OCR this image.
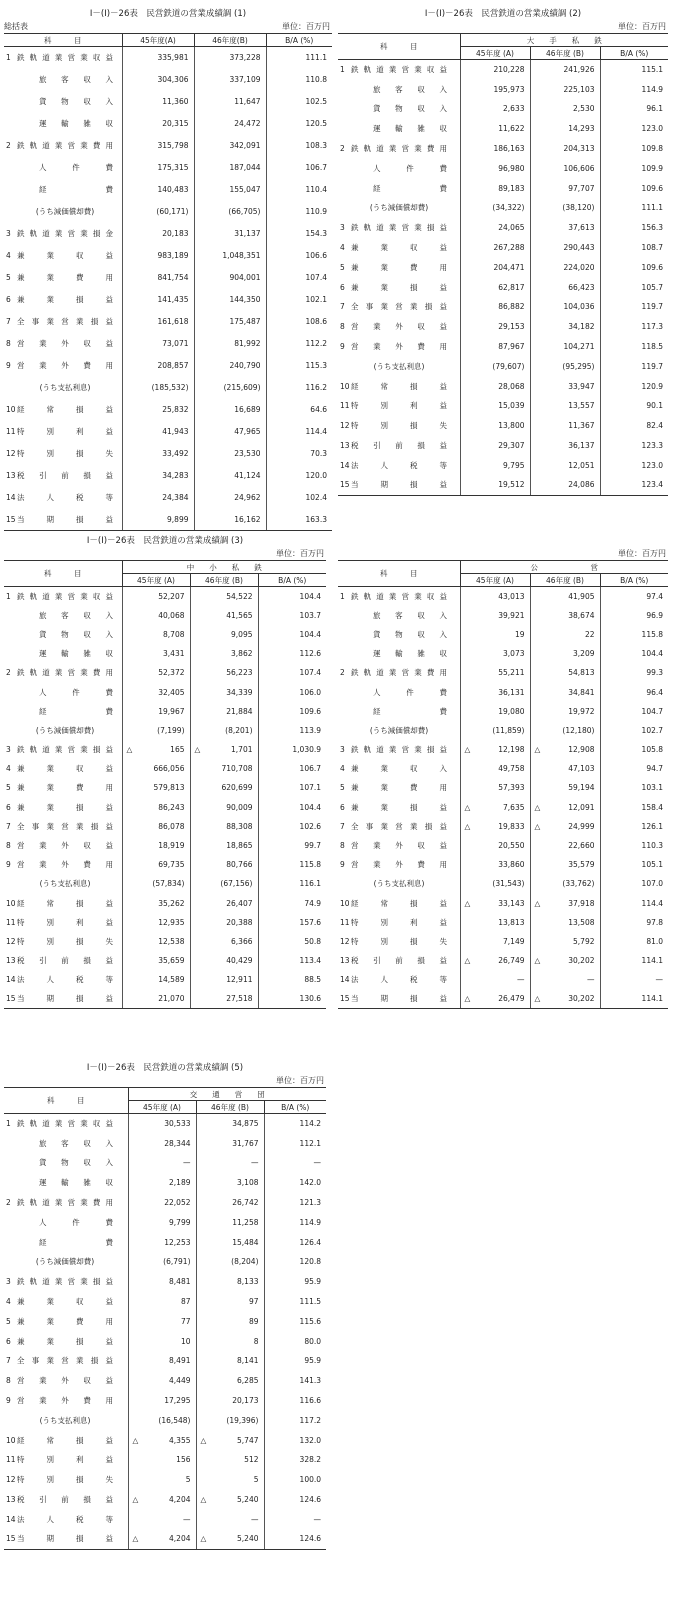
I－(I)－26表　民営鉄道の営業成績調 (1)
総括表	単位：百万円
科　　　目	45年度(A)	46年度(B)	B/A (%)
1 鉄軌道業営業収益	335,981	373,228	111.1
旅客収入	304,306	337,109	110.8
貨物収入	11,360	11,647	102.5
運輸雑収	20,315	24,472	120.5
2 鉄軌道業営業費用	315,798	342,091	108.3
人件費	175,315	187,044	106.7
経費	140,483	155,047	110.4
(うち減価償却費)	(60,171)	(66,705)	110.9
3 鉄軌道業営業損金	20,183	31,137	154.3
4 兼業収益	983,189	1,048,351	106.6
5 兼業費用	841,754	904,001	107.4
6 兼業損益	141,435	144,350	102.1
7 全事業営業損益	161,618	175,487	108.6
8 営業外収益	73,071	81,992	112.2
9 営業外費用	208,857	240,790	115.3
(うち支払利息)	(185,532)	(215,609)	116.2
10経常損益	25,832	16,689	64.6
11特別利益	41,943	47,965	114.4
12特別損失	33,492	23,530	70.3
13税引前損益	34,283	41,124	120.0
14法人税等	24,384	24,962	102.4
15当期損益	9,899	16,162	163.3
I－(I)－26表　民営鉄道の営業成績調 (2)
単位：百万円
科　　　目	大　　手　　私　　鉄		
	45年度 (A)	46年度 (B)	B/A (%)
1 鉄軌道業営業収益	210,228	241,926	115.1
旅客収入	195,973	225,103	114.9
貨物収入	2,633	2,530	96.1
運輸雑収	11,622	14,293	123.0
2 鉄軌道業営業費用	186,163	204,313	109.8
人件費	96,980	106,606	109.9
経費	89,183	97,707	109.6
(うち減価償却費)	(34,322)	(38,120)	111.1
3 鉄軌道業営業損益	24,065	37,613	156.3
4 兼業収益	267,288	290,443	108.7
5 兼業費用	204,471	224,020	109.6
6 兼業損益	62,817	66,423	105.7
7 全事業営業損益	86,882	104,036	119.7
8 営業外収益	29,153	34,182	117.3
9 営業外費用	87,967	104,271	118.5
(うち支払利息)	(79,607)	(95,295)	119.7
10経常損益	28,068	33,947	120.9
11特別利益	15,039	13,557	90.1
12特別損失	13,800	11,367	82.4
13税引前損益	29,307	36,137	123.3
14法人税等	9,795	12,051	123.0
15当期損益	19,512	24,086	123.4
I－(I)－26表　民営鉄道の営業成績調 (3)
単位：百万円
科　　　目	中　　小　　私　　鉄		
	45年度 (A)	46年度 (B)	B/A (%)
1 鉄軌道業営業収益	52,207	54,522	104.4
旅客収入	40,068	41,565	103.7
貨物収入	8,708	9,095	104.4
運輸雑収	3,431	3,862	112.6
2 鉄軌道業営業費用	52,372	56,223	107.4
人件費	32,405	34,339	106.0
経費	19,967	21,884	109.6
(うち減価償却費)	(7,199)	(8,201)	113.9
3 鉄軌道業営業損益	△ 165	△ 1,701	1,030.9
4 兼業収益	666,056	710,708	106.7
5 兼業費用	579,813	620,699	107.1
6 兼業損益	86,243	90,009	104.4
7 全事業営業損益	86,078	88,308	102.6
8 営業外収益	18,919	18,865	99.7
9 営業外費用	69,735	80,766	115.8
(うち支払利息)	(57,834)	(67,156)	116.1
10経常損益	35,262	26,407	74.9
11特別利益	12,935	20,388	157.6
12特別損失	12,538	6,366	50.8
13税引前損益	35,659	40,429	113.4
14法人税等	14,589	12,911	88.5
15当期損益	21,070	27,518	130.6
単位：百万円
科　　　目	公　　　　　　　営		
	45年度 (A)	46年度 (B)	B/A (%)
1 鉄軌道業営業収益	43,013	41,905	97.4
旅客収入	39,921	38,674	96.9
貨物収入	19	22	115.8
運輸雑収	3,073	3,209	104.4
2 鉄軌道業営業費用	55,211	54,813	99.3
人件費	36,131	34,841	96.4
経費	19,080	19,972	104.7
(うち減価償却費)	(11,859)	(12,180)	102.7
3 鉄軌道業営業損益	△ 12,198	△ 12,908	105.8
4 兼業収入	49,758	47,103	94.7
5 兼業費用	57,393	59,194	103.1
6 兼業損益	△ 7,635	△ 12,091	158.4
7 全事業営業損益	△ 19,833	△ 24,999	126.1
8 営業外収益	20,550	22,660	110.3
9 営業外費用	33,860	35,579	105.1
(うち支払利息)	(31,543)	(33,762)	107.0
10経常損益	△ 33,143	△ 37,918	114.4
11特別利益	13,813	13,508	97.8
12特別損失	7,149	5,792	81.0
13税引前損益	△ 26,749	△ 30,202	114.1
14法人税等	—	—	—
15当期損益	△ 26,479	△ 30,202	114.1
I－(I)－26表　民営鉄道の営業成績調 (5)
単位：百万円
科　　　目	交　　通　　営　　団		
	45年度 (A)	46年度 (B)	B/A (%)
1 鉄軌道業営業収益	30,533	34,875	114.2
旅客収入	28,344	31,767	112.1
貨物収入	—	—	—
運輸雑収	2,189	3,108	142.0
2 鉄軌道業営業費用	22,052	26,742	121.3
人件費	9,799	11,258	114.9
経費	12,253	15,484	126.4
(うち減価償却費)	(6,791)	(8,204)	120.8
3 鉄軌道業営業損益	8,481	8,133	95.9
4 兼業収益	87	97	111.5
5 兼業費用	77	89	115.6
6 兼業損益	10	8	80.0
7 全事業営業損益	8,491	8,141	95.9
8 営業外収益	4,449	6,285	141.3
9 営業外費用	17,295	20,173	116.6
(うち支払利息)	(16,548)	(19,396)	117.2
10経常損益	△ 4,355	△ 5,747	132.0
11特別利益	156	512	328.2
12特別損失	5	5	100.0
13税引前損益	△ 4,204	△ 5,240	124.6
14法人税等	—	—	—
15当期損益	△ 4,204	△ 5,240	124.6
